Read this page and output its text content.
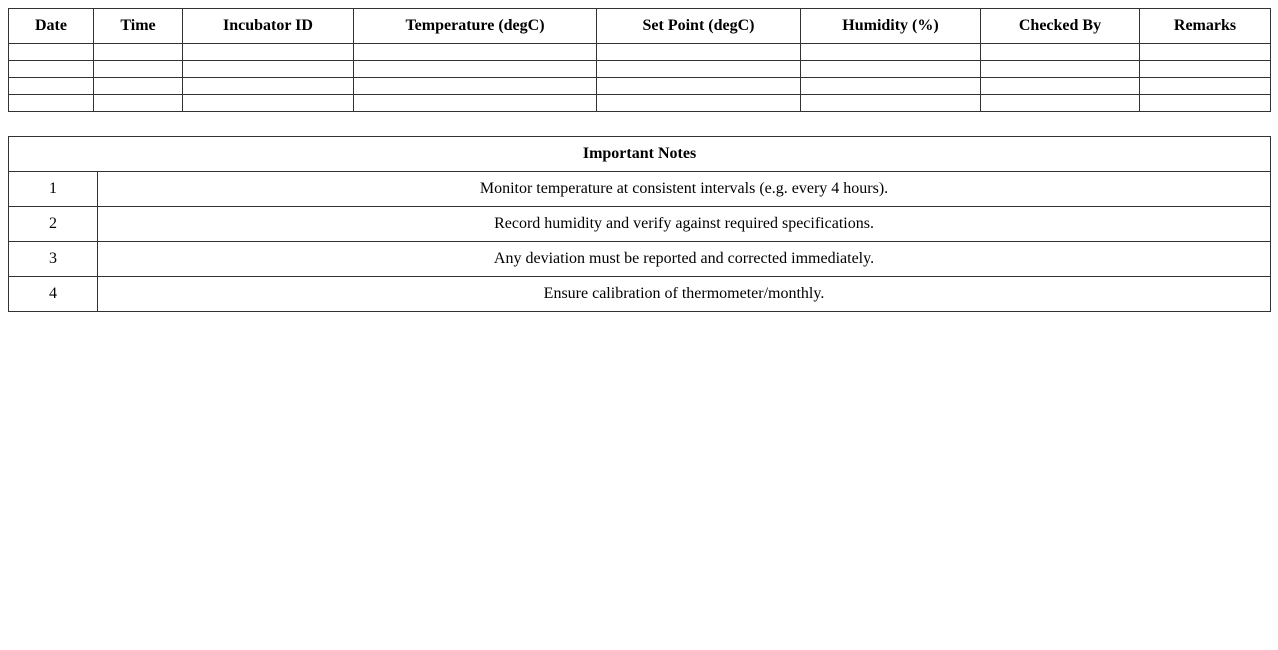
Date	Time	Incubator ID	Temperature (degC)	Set Point (degC)	Humidity (%)	Checked By	Remarks

Important Notes	
1	Monitor temperature at consistent intervals (e.g. every 4 hours).
2	Record humidity and verify against required specifications.
3	Any deviation must be reported and corrected immediately.
4	Ensure calibration of thermometer/monthly.
